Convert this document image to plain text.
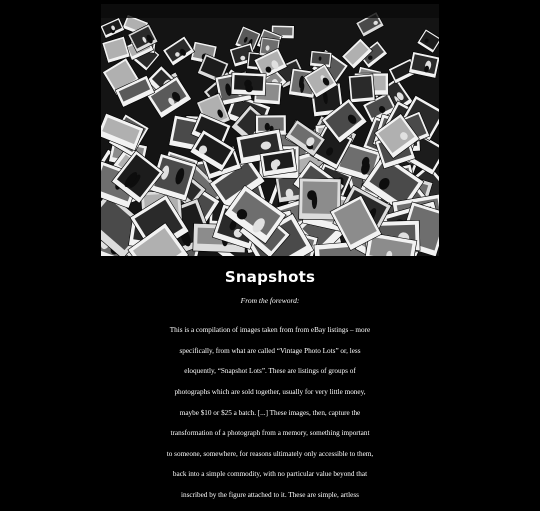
Snapshots
From the foreword:

This is a compilation of images taken from from eBay listings – more

specifically, from what are called “Vintage Photo Lots” or, less

eloquently, “Snapshot Lots”. These are listings of groups of

photographs which are sold together, usually for very little money,

maybe $10 or $25 a batch. [...] These images, then, capture the

transformation of a photograph from a memory, something important

to someone, somewhere, for reasons ultimately only accessible to them,

back into a simple commodity, with no particular value beyond that

inscribed by the figure attached to it. These are simple, artless
